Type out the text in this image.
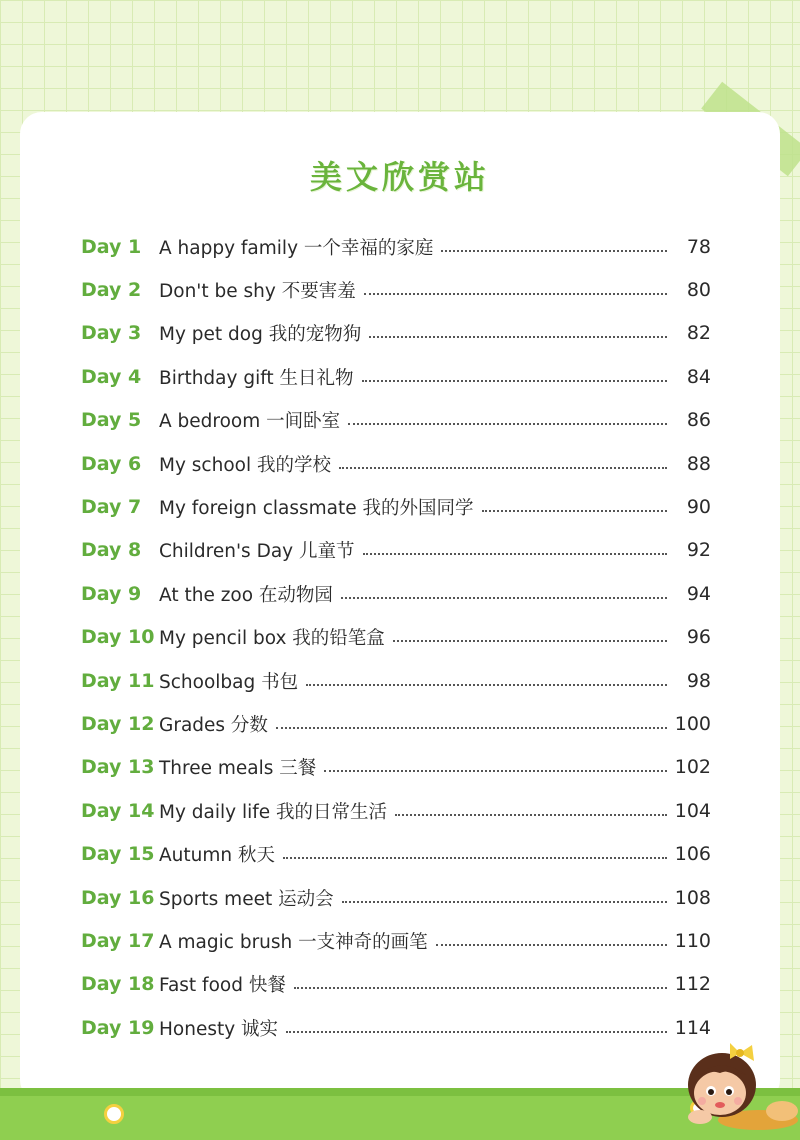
美文欣赏站
Day 1 A happy family 一个幸福的家庭	78
Day 2 Don't be shy 不要害羞	80
Day 3 My pet dog 我的宠物狗	82
Day 4 Birthday gift 生日礼物	84
Day 5 A bedroom 一间卧室	86
Day 6 My school 我的学校	88
Day 7 My foreign classmate 我的外国同学	90
Day 8 Children's Day 儿童节	92
Day 9 At the zoo 在动物园	94
Day 10 My pencil box 我的铅笔盒	96
Day 11 Schoolbag 书包	98
Day 12 Grades 分数	100
Day 13 Three meals 三餐	102
Day 14 My daily life 我的日常生活	104
Day 15 Autumn 秋天	106
Day 16 Sports meet 运动会	108
Day 17 A magic brush 一支神奇的画笔	110
Day 18 Fast food 快餐	112
Day 19 Honesty 诚实	114
